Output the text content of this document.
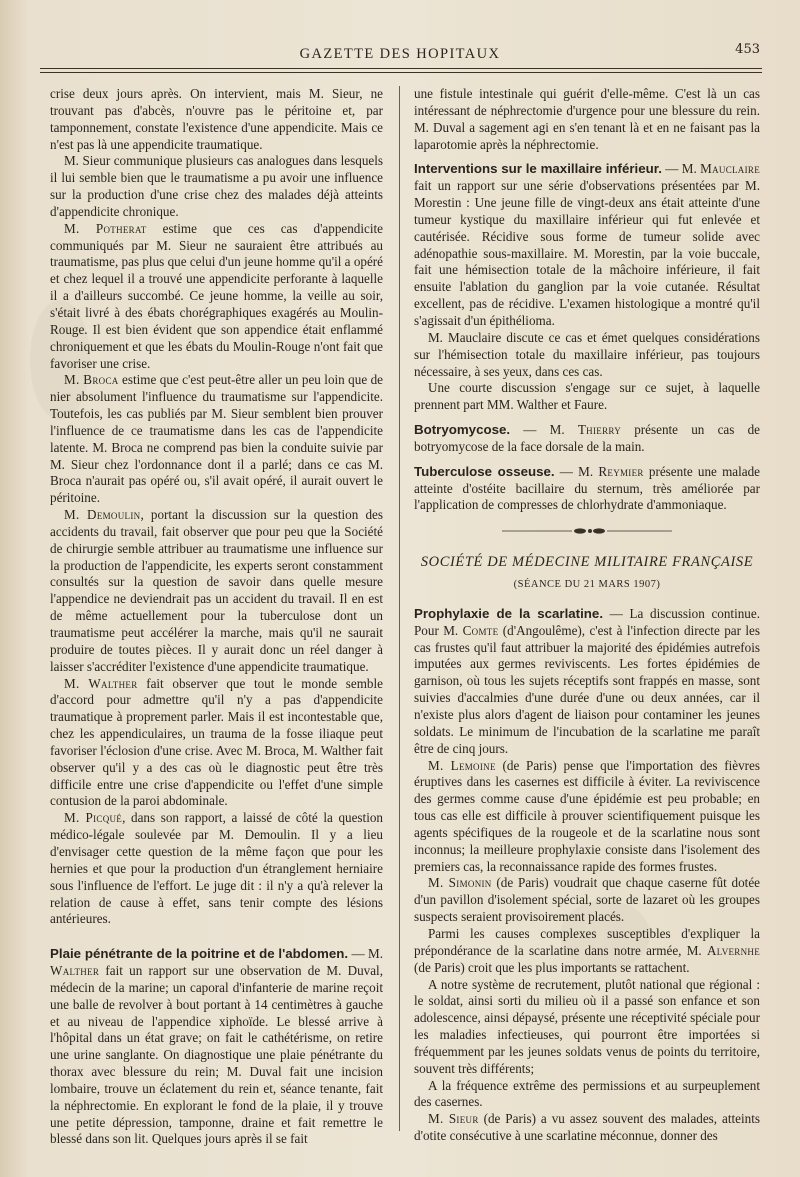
GAZETTE DES HOPITAUX	453

crise deux jours après. On intervient, mais M. Sieur, ne trouvant pas d'abcès, n'ouvre pas le péritoine et, par tamponnement, constate l'existence d'une appendicite. Mais ce n'est pas là une appendicite traumatique.

M. Sieur communique plusieurs cas analogues dans lesquels il lui semble bien que le traumatisme a pu avoir une influence sur la production d'une crise chez des malades déjà atteints d'appendicite chronique.

M. Potherat estime que ces cas d'appendicite communiqués par M. Sieur ne sauraient être attribués au traumatisme, pas plus que celui d'un jeune homme qu'il a opéré et chez lequel il a trouvé une appendicite perforante à laquelle il a d'ailleurs succombé. Ce jeune homme, la veille au soir, s'était livré à des ébats chorégraphiques exagérés au Moulin-Rouge. Il est bien évident que son appendice était enflammé chroniquement et que les ébats du Moulin-Rouge n'ont fait que favoriser une crise.

M. Broca estime que c'est peut-être aller un peu loin que de nier absolument l'influence du traumatisme sur l'appendicite. Toutefois, les cas publiés par M. Sieur semblent bien prouver l'influence de ce traumatisme dans les cas de l'appendicite latente. M. Broca ne comprend pas bien la conduite suivie par M. Sieur chez l'ordonnance dont il a parlé; dans ce cas M. Broca n'aurait pas opéré ou, s'il avait opéré, il aurait ouvert le péritoine.

M. Demoulin, portant la discussion sur la question des accidents du travail, fait observer que pour peu que la Société de chirurgie semble attribuer au traumatisme une influence sur la production de l'appendicite, les experts seront constamment consultés sur la question de savoir dans quelle mesure l'appendice ne deviendrait pas un accident du travail. Il en est de même actuellement pour la tuberculose dont un traumatisme peut accélérer la marche, mais qu'il ne saurait produire de toutes pièces. Il y aurait donc un réel danger à laisser s'accréditer l'existence d'une appendicite traumatique.

M. Walther fait observer que tout le monde semble d'accord pour admettre qu'il n'y a pas d'appendicite traumatique à proprement parler. Mais il est incontestable que, chez les appendiculaires, un trauma de la fosse iliaque peut favoriser l'éclosion d'une crise. Avec M. Broca, M. Walther fait observer qu'il y a des cas où le diagnostic peut être très difficile entre une crise d'appendicite ou l'effet d'une simple contusion de la paroi abdominale.

M. Picqué, dans son rapport, a laissé de côté la question médico-légale soulevée par M. Demoulin. Il y a lieu d'envisager cette question de la même façon que pour les hernies et que pour la production d'un étranglement herniaire sous l'influence de l'effort. Le juge dit : il n'y a qu'à relever la relation de cause à effet, sans tenir compte des lésions antérieures.

Plaie pénétrante de la poitrine et de l'abdomen. — M. Walther fait un rapport sur une observation de M. Duval, médecin de la marine; un caporal d'infanterie de marine reçoit une balle de revolver à bout portant à 14 centimètres à gauche et au niveau de l'appendice xiphoïde. Le blessé arrive à l'hôpital dans un état grave; on fait le cathétérisme, on retire une urine sanglante. On diagnostique une plaie pénétrante du thorax avec blessure du rein; M. Duval fait une incision lombaire, trouve un éclatement du rein et, séance tenante, fait la néphrectomie. En explorant le fond de la plaie, il y trouve une petite dépression, tamponne, draine et fait remettre le blessé dans son lit. Quelques jours après il se fait

une fistule intestinale qui guérit d'elle-même. C'est là un cas intéressant de néphrectomie d'urgence pour une blessure du rein. M. Duval a sagement agi en s'en tenant là et en ne faisant pas la laparotomie après la néphrectomie.

Interventions sur le maxillaire inférieur. — M. Mauclaire fait un rapport sur une série d'observations présentées par M. Morestin : Une jeune fille de vingt-deux ans était atteinte d'une tumeur kystique du maxillaire inférieur qui fut enlevée et cautérisée. Récidive sous forme de tumeur solide avec adénopathie sous-maxillaire. M. Morestin, par la voie buccale, fait une hémisection totale de la mâchoire inférieure, il fait ensuite l'ablation du ganglion par la voie cutanée. Résultat excellent, pas de récidive. L'examen histologique a montré qu'il s'agissait d'un épithélioma.

M. Mauclaire discute ce cas et émet quelques considérations sur l'hémisection totale du maxillaire inférieur, pas toujours nécessaire, à ses yeux, dans ces cas.

Une courte discussion s'engage sur ce sujet, à laquelle prennent part MM. Walther et Faure.

Botryomycose. — M. Thierry présente un cas de botryomycose de la face dorsale de la main.

Tuberculose osseuse. — M. Reymier présente une malade atteinte d'ostéite bacillaire du sternum, très améliorée par l'application de compresses de chlorhydrate d'ammoniaque.

SOCIÉTÉ DE MÉDECINE MILITAIRE FRANÇAISE
(SÉANCE DU 21 MARS 1907)

Prophylaxie de la scarlatine. — La discussion continue. Pour M. Comte (d'Angoulême), c'est à l'infection directe par les cas frustes qu'il faut attribuer la majorité des épidémies autrefois imputées aux germes reviviscents. Les fortes épidémies de garnison, où tous les sujets réceptifs sont frappés en masse, sont suivies d'accalmies d'une durée d'une ou deux années, car il n'existe plus alors d'agent de liaison pour contaminer les jeunes soldats. Le minimum de l'incubation de la scarlatine me paraît être de cinq jours.

M. Lemoine (de Paris) pense que l'importation des fièvres éruptives dans les casernes est difficile à éviter. La reviviscence des germes comme cause d'une épidémie est peu probable; en tous cas elle est difficile à prouver scientifiquement puisque les agents spécifiques de la rougeole et de la scarlatine nous sont inconnus; la meilleure prophylaxie consiste dans l'isolement des premiers cas, la reconnaissance rapide des formes frustes.

M. Simonin (de Paris) voudrait que chaque caserne fût dotée d'un pavillon d'isolement spécial, sorte de lazaret où les groupes suspects seraient provisoirement placés.

Parmi les causes complexes susceptibles d'expliquer la prépondérance de la scarlatine dans notre armée, M. Alvernhe (de Paris) croit que les plus importants se rattachent.

A notre système de recrutement, plutôt national que régional : le soldat, ainsi sorti du milieu où il a passé son enfance et son adolescence, ainsi dépaysé, présente une réceptivité spéciale pour les maladies infectieuses, qui pourront être importées si fréquemment par les jeunes soldats venus de points du territoire, souvent très différents;

A la fréquence extrême des permissions et au surpeuplement des casernes.

M. Sieur (de Paris) a vu assez souvent des malades, atteints d'otite consécutive à une scarlatine méconnue, donner des
